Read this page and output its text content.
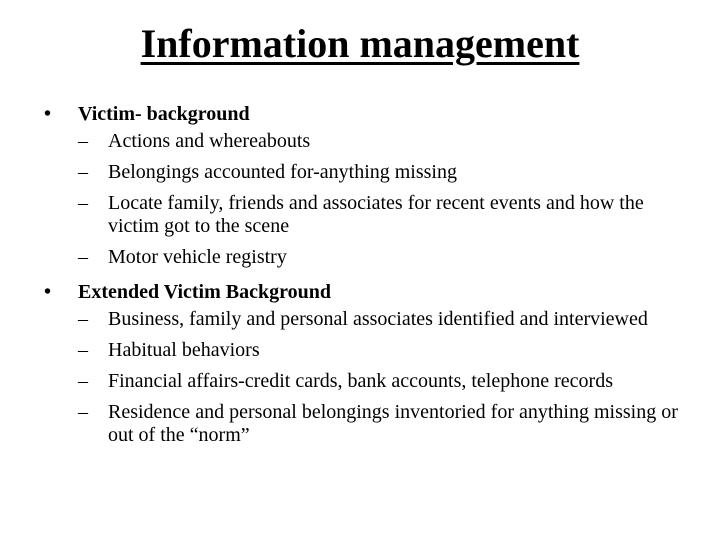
Information management
• Victim- background
– Actions and whereabouts
– Belongings accounted for-anything missing
– Locate family, friends and associates for recent events and how the victim got to the scene
– Motor vehicle registry
• Extended Victim Background
– Business, family and personal associates identified and interviewed
– Habitual behaviors
– Financial affairs-credit cards, bank accounts, telephone records
– Residence and personal belongings inventoried for anything missing or out of the “norm”
